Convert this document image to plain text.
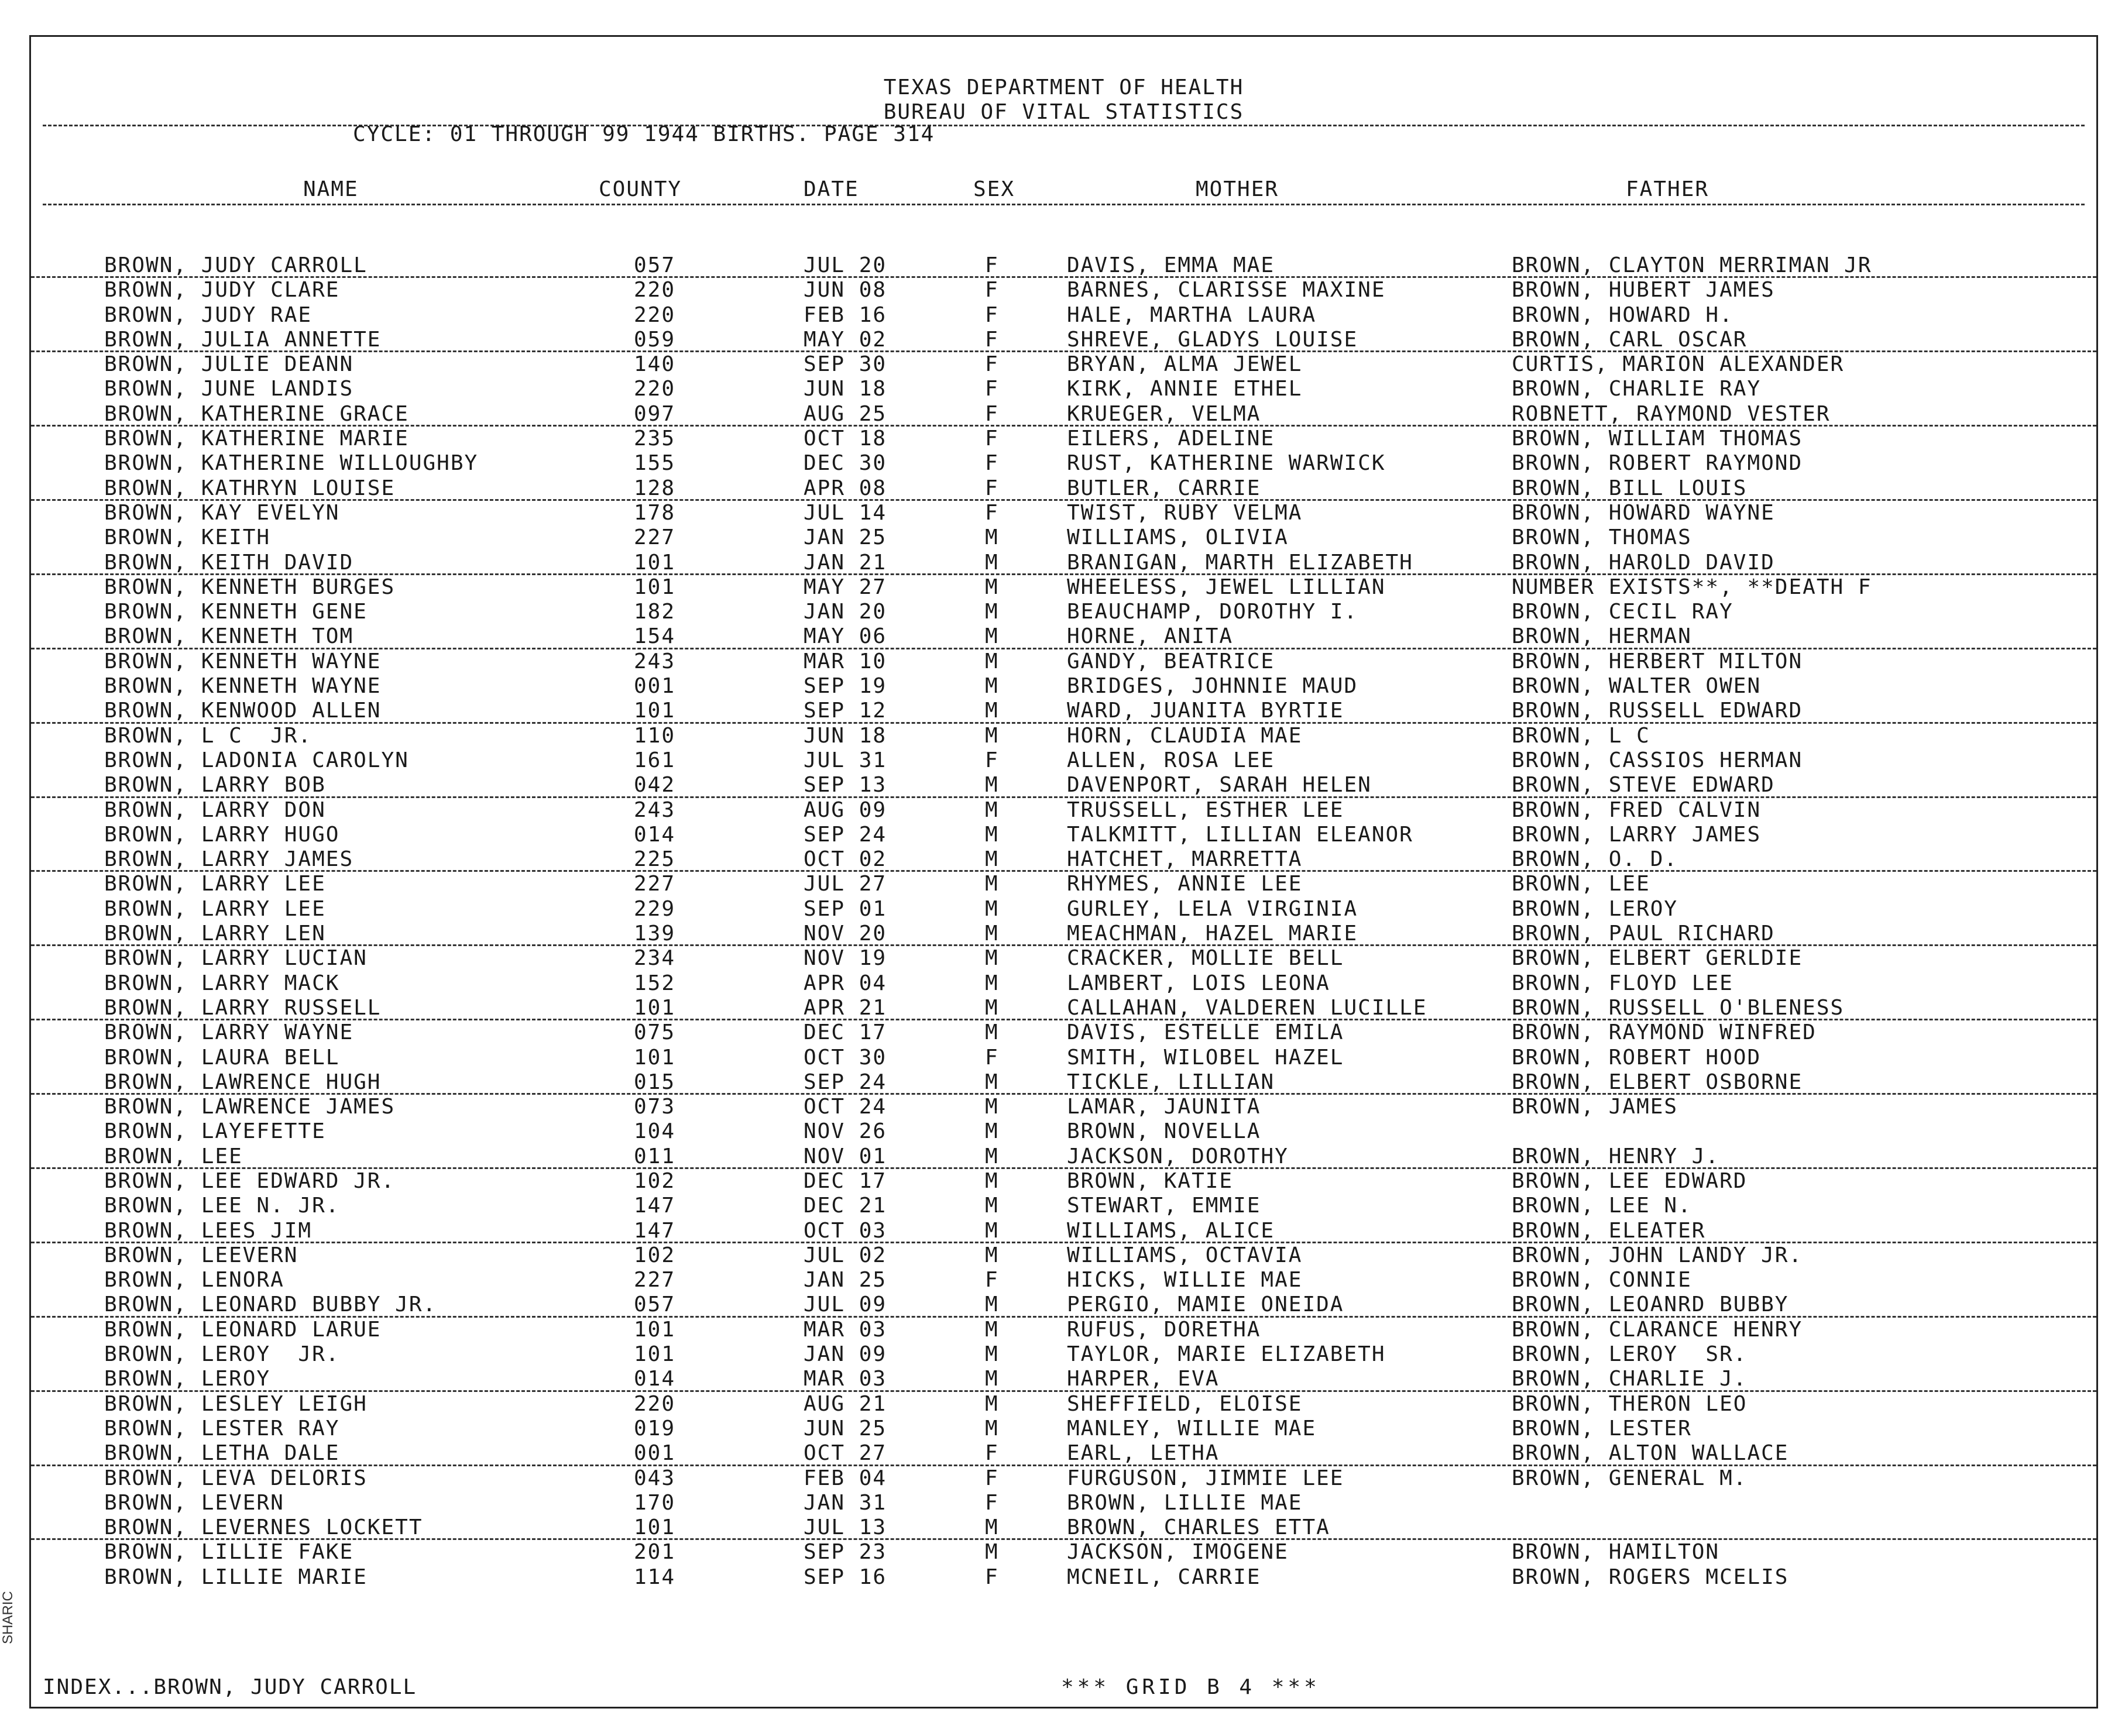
TEXAS DEPARTMENT OF HEALTH
BUREAU OF VITAL STATISTICS
CYCLE: 01 THROUGH 99 1944 BIRTHS. PAGE 314
NAME	COUNTY	DATE	SEX	MOTHER	FATHER
BROWN, JUDY CARROLL	057	JUL 20	F	DAVIS, EMMA MAE	BROWN, CLAYTON MERRIMAN JR
BROWN, JUDY CLARE	220	JUN 08	F	BARNES, CLARISSE MAXINE	BROWN, HUBERT JAMES
BROWN, JUDY RAE	220	FEB 16	F	HALE, MARTHA LAURA	BROWN, HOWARD H.
BROWN, JULIA ANNETTE	059	MAY 02	F	SHREVE, GLADYS LOUISE	BROWN, CARL OSCAR
BROWN, JULIE DEANN	140	SEP 30	F	BRYAN, ALMA JEWEL	CURTIS, MARION ALEXANDER
BROWN, JUNE LANDIS	220	JUN 18	F	KIRK, ANNIE ETHEL	BROWN, CHARLIE RAY
BROWN, KATHERINE GRACE	097	AUG 25	F	KRUEGER, VELMA	ROBNETT, RAYMOND VESTER
BROWN, KATHERINE MARIE	235	OCT 18	F	EILERS, ADELINE	BROWN, WILLIAM THOMAS
BROWN, KATHERINE WILLOUGHBY	155	DEC 30	F	RUST, KATHERINE WARWICK	BROWN, ROBERT RAYMOND
BROWN, KATHRYN LOUISE	128	APR 08	F	BUTLER, CARRIE	BROWN, BILL LOUIS
BROWN, KAY EVELYN	178	JUL 14	F	TWIST, RUBY VELMA	BROWN, HOWARD WAYNE
BROWN, KEITH	227	JAN 25	M	WILLIAMS, OLIVIA	BROWN, THOMAS
BROWN, KEITH DAVID	101	JAN 21	M	BRANIGAN, MARTH ELIZABETH	BROWN, HAROLD DAVID
BROWN, KENNETH BURGES	101	MAY 27	M	WHEELESS, JEWEL LILLIAN	NUMBER EXISTS**, **DEATH F
BROWN, KENNETH GENE	182	JAN 20	M	BEAUCHAMP, DOROTHY I.	BROWN, CECIL RAY
BROWN, KENNETH TOM	154	MAY 06	M	HORNE, ANITA	BROWN, HERMAN
BROWN, KENNETH WAYNE	243	MAR 10	M	GANDY, BEATRICE	BROWN, HERBERT MILTON
BROWN, KENNETH WAYNE	001	SEP 19	M	BRIDGES, JOHNNIE MAUD	BROWN, WALTER OWEN
BROWN, KENWOOD ALLEN	101	SEP 12	M	WARD, JUANITA BYRTIE	BROWN, RUSSELL EDWARD
BROWN, L C  JR.	110	JUN 18	M	HORN, CLAUDIA MAE	BROWN, L C
BROWN, LADONIA CAROLYN	161	JUL 31	F	ALLEN, ROSA LEE	BROWN, CASSIOS HERMAN
BROWN, LARRY BOB	042	SEP 13	M	DAVENPORT, SARAH HELEN	BROWN, STEVE EDWARD
BROWN, LARRY DON	243	AUG 09	M	TRUSSELL, ESTHER LEE	BROWN, FRED CALVIN
BROWN, LARRY HUGO	014	SEP 24	M	TALKMITT, LILLIAN ELEANOR	BROWN, LARRY JAMES
BROWN, LARRY JAMES	225	OCT 02	M	HATCHET, MARRETTA	BROWN, O. D.
BROWN, LARRY LEE	227	JUL 27	M	RHYMES, ANNIE LEE	BROWN, LEE
BROWN, LARRY LEE	229	SEP 01	M	GURLEY, LELA VIRGINIA	BROWN, LEROY
BROWN, LARRY LEN	139	NOV 20	M	MEACHMAN, HAZEL MARIE	BROWN, PAUL RICHARD
BROWN, LARRY LUCIAN	234	NOV 19	M	CRACKER, MOLLIE BELL	BROWN, ELBERT GERLDIE
BROWN, LARRY MACK	152	APR 04	M	LAMBERT, LOIS LEONA	BROWN, FLOYD LEE
BROWN, LARRY RUSSELL	101	APR 21	M	CALLAHAN, VALDEREN LUCILLE	BROWN, RUSSELL O'BLENESS
BROWN, LARRY WAYNE	075	DEC 17	M	DAVIS, ESTELLE EMILA	BROWN, RAYMOND WINFRED
BROWN, LAURA BELL	101	OCT 30	F	SMITH, WILOBEL HAZEL	BROWN, ROBERT HOOD
BROWN, LAWRENCE HUGH	015	SEP 24	M	TICKLE, LILLIAN	BROWN, ELBERT OSBORNE
BROWN, LAWRENCE JAMES	073	OCT 24	M	LAMAR, JAUNITA	BROWN, JAMES
BROWN, LAYEFETTE	104	NOV 26	M	BROWN, NOVELLA
BROWN, LEE	011	NOV 01	M	JACKSON, DOROTHY	BROWN, HENRY J.
BROWN, LEE EDWARD JR.	102	DEC 17	M	BROWN, KATIE	BROWN, LEE EDWARD
BROWN, LEE N. JR.	147	DEC 21	M	STEWART, EMMIE	BROWN, LEE N.
BROWN, LEES JIM	147	OCT 03	M	WILLIAMS, ALICE	BROWN, ELEATER
BROWN, LEEVERN	102	JUL 02	M	WILLIAMS, OCTAVIA	BROWN, JOHN LANDY JR.
BROWN, LENORA	227	JAN 25	F	HICKS, WILLIE MAE	BROWN, CONNIE
BROWN, LEONARD BUBBY JR.	057	JUL 09	M	PERGIO, MAMIE ONEIDA	BROWN, LEOANRD BUBBY
BROWN, LEONARD LARUE	101	MAR 03	M	RUFUS, DORETHA	BROWN, CLARANCE HENRY
BROWN, LEROY  JR.	101	JAN 09	M	TAYLOR, MARIE ELIZABETH	BROWN, LEROY  SR.
BROWN, LEROY	014	MAR 03	M	HARPER, EVA	BROWN, CHARLIE J.
BROWN, LESLEY LEIGH	220	AUG 21	M	SHEFFIELD, ELOISE	BROWN, THERON LEO
BROWN, LESTER RAY	019	JUN 25	M	MANLEY, WILLIE MAE	BROWN, LESTER
BROWN, LETHA DALE	001	OCT 27	F	EARL, LETHA	BROWN, ALTON WALLACE
BROWN, LEVA DELORIS	043	FEB 04	F	FURGUSON, JIMMIE LEE	BROWN, GENERAL M.
BROWN, LEVERN	170	JAN 31	F	BROWN, LILLIE MAE
BROWN, LEVERNES LOCKETT	101	JUL 13	M	BROWN, CHARLES ETTA
BROWN, LILLIE FAKE	201	SEP 23	M	JACKSON, IMOGENE	BROWN, HAMILTON
BROWN, LILLIE MARIE	114	SEP 16	F	MCNEIL, CARRIE	BROWN, ROGERS MCELIS
INDEX...BROWN, JUDY CARROLL	*** GRID B 4 ***
SHARIC
